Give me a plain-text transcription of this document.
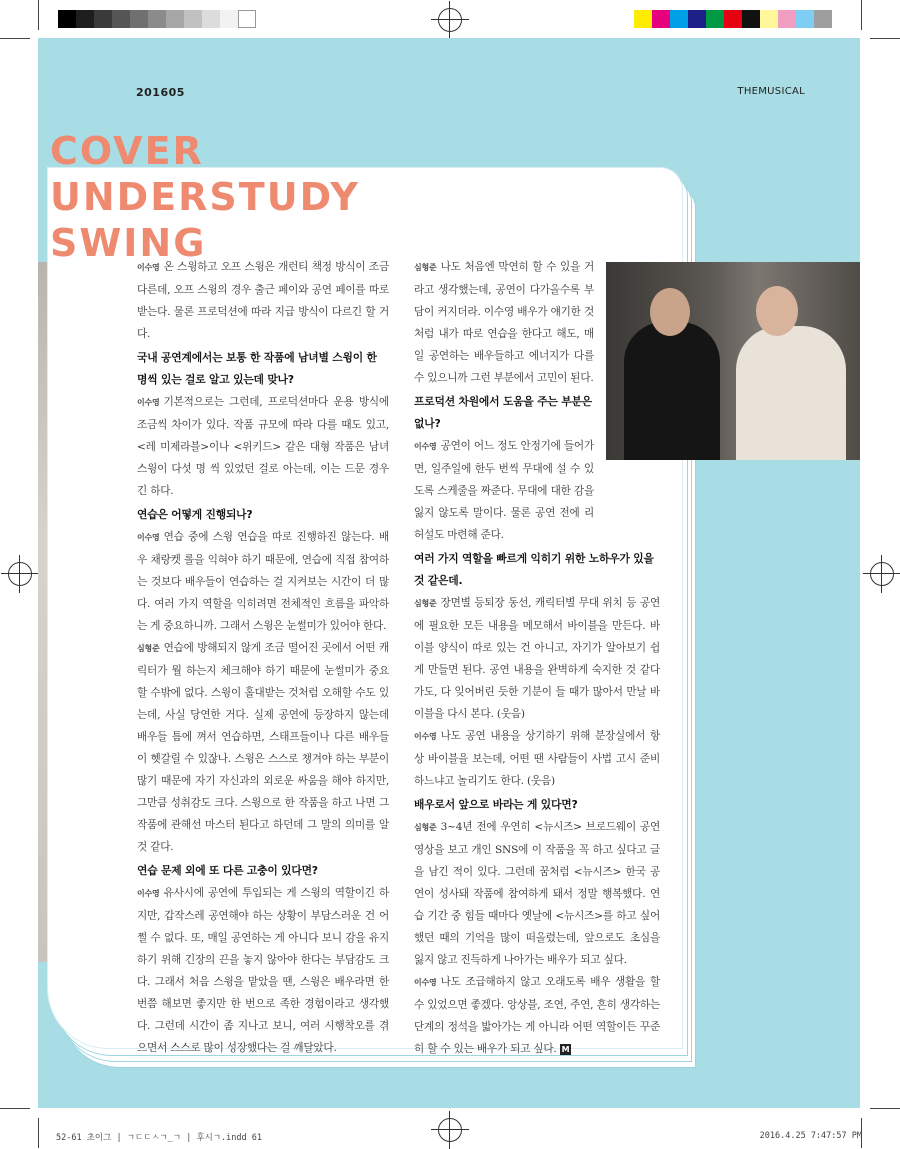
201605	THEMUSICAL
COVER
UNDERSTUDY
SWING

이수영 온 스윙하고 오프 스윙은 개런티 책정 방식이 조금 다른데, 오프 스윙의 경우 출근 페이와 공연 페이를 따로 받는다. 물론 프로덕션에 따라 지급 방식이 다르긴 할 거다.

국내 공연계에서는 보통 한 작품에 남녀별 스윙이 한 명씩 있는 걸로 알고 있는데 맞나?

이수영 기본적으로는 그런데, 프로덕션마다 운용 방식에 조금씩 차이가 있다. 작품 규모에 따라 다를 때도 있고, <레 미제라블>이나 <위키드> 같은 대형 작품은 남녀 스윙이 다섯 명 씩 있었던 걸로 아는데, 이는 드문 경우긴 하다.

연습은 어떻게 진행되나?

이수영 연습 중에 스윙 연습을 따로 진행하진 않는다. 배우 채랑켓 롤을 익혀야 하기 때문에, 연습에 직접 참여하는 것보다 배우들이 연습하는 걸 지켜보는 시간이 더 많다. 여러 가지 역할을 익히려면 전체적인 흐름을 파악하는 게 중요하니까. 그래서 스윙은 눈썰미가 있어야 한다.

심형준 연습에 방해되지 않게 조금 떨어진 곳에서 어떤 캐릭터가 뭘 하는지 체크해야 하기 때문에 눈썰미가 중요할 수밖에 없다. 스윙이 홀대받는 것처럼 오해할 수도 있는데, 사실 당연한 거다. 실제 공연에 등장하지 않는데 배우들 틈에 껴서 연습하면, 스태프들이나 다른 배우들이 헷갈릴 수 있잖나. 스윙은 스스로 챙겨야 하는 부분이 많기 때문에 자기 자신과의 외로운 싸움을 해야 하지만, 그만큼 성취감도 크다. 스윙으로 한 작품을 하고 나면 그 작품에 관해선 마스터 된다고 하던데 그 말의 의미를 알 것 같다.

연습 문제 외에 또 다른 고충이 있다면?

이수영 유사시에 공연에 투입되는 게 스윙의 역할이긴 하지만, 갑작스레 공연해야 하는 상황이 부담스러운 건 어쩔 수 없다. 또, 매일 공연하는 게 아니다 보니 감을 유지하기 위해 긴장의 끈을 놓지 않아야 한다는 부담감도 크다. 그래서 처음 스윙을 맡았을 땐, 스윙은 배우라면 한 번쯤 해보면 좋지만 한 번으로 족한 경험이라고 생각했다. 그런데 시간이 좀 지나고 보니, 여러 시행착오를 겪으면서 스스로 많이 성장했다는 걸 깨달았다.

심형준 나도 처음엔 막연히 할 수 있을 거라고 생각했는데, 공연이 다가올수록 부담이 커지더라. 이수영 배우가 얘기한 것처럼 내가 따로 연습을 한다고 해도, 매일 공연하는 배우들하고 에너지가 다를 수 있으니까 그런 부분에서 고민이 된다.

프로덕션 차원에서 도움을 주는 부분은 없나?

이수영 공연이 어느 정도 안정기에 들어가면, 일주일에 한두 번씩 무대에 설 수 있도록 스케줄을 짜준다. 무대에 대한 감을 잃지 않도록 말이다. 물론 공연 전에 리허설도 마련해 준다.

여러 가지 역할을 빠르게 익히기 위한 노하우가 있을 것 같은데.

심형준 장면별 등퇴장 동선, 캐릭터별 무대 위치 등 공연에 필요한 모든 내용을 메모해서 바이블을 만든다. 바이블 양식이 따로 있는 건 아니고, 자기가 알아보기 쉽게 만들면 된다. 공연 내용을 완벽하게 숙지한 것 같다가도, 다 잊어버린 듯한 기분이 들 때가 많아서 만날 바이블을 다시 본다. (웃음)

이수영 나도 공연 내용을 상기하기 위해 분장실에서 항상 바이블을 보는데, 어떤 땐 사람들이 사법 고시 준비하느냐고 놀리기도 한다. (웃음)

배우로서 앞으로 바라는 게 있다면?

심형준 3~4년 전에 우연히 <뉴시즈> 브로드웨이 공연 영상을 보고 개인 SNS에 이 작품을 꼭 하고 싶다고 글을 남긴 적이 있다. 그런데 꿈처럼 <뉴시즈> 한국 공연이 성사돼 작품에 참여하게 돼서 정말 행복했다. 연습 기간 중 힘들 때마다 옛날에 <뉴시즈>를 하고 싶어했던 때의 기억을 많이 떠올렸는데, 앞으로도 초심을 잃지 않고 진득하게 나아가는 배우가 되고 싶다.

이수영 나도 조급해하지 않고 오래도록 배우 생활을 할 수 있었으면 좋겠다. 앙상블, 조연, 주연, 흔히 생각하는 단계의 정석을 밟아가는 게 아니라 어떤 역할이든 꾸준히 할 수 있는 배우가 되고 싶다. M

52-61 초이그 | ㄱㄷㄷㅅㄱ_ㄱ | 후시ㄱ.indd 61	2016.4.25 7:47:57 PM
